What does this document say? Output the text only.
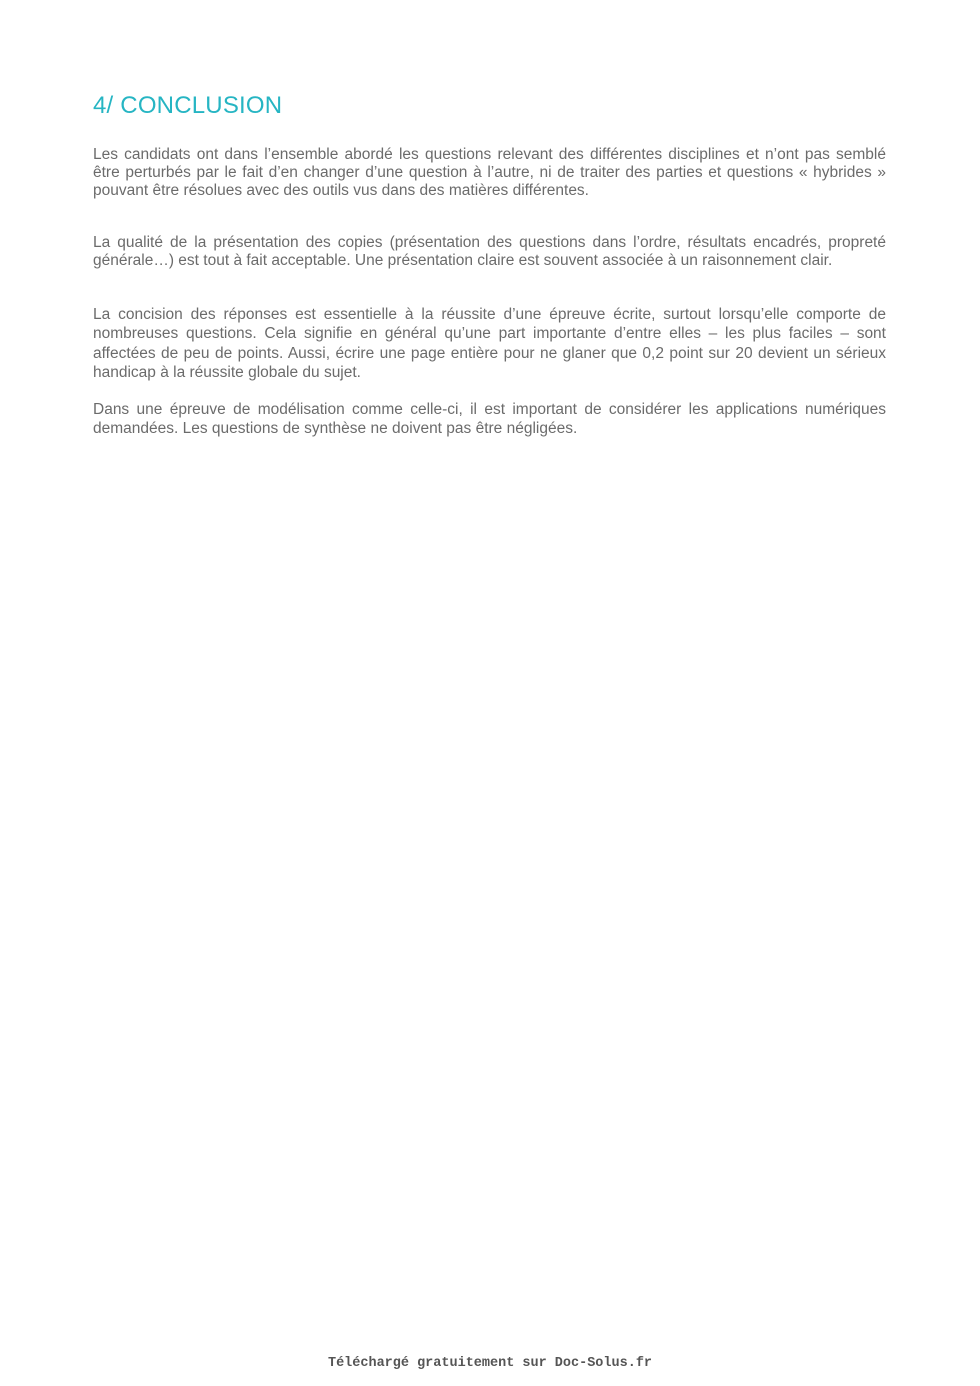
4/ CONCLUSION

Les candidats ont dans l’ensemble abordé les questions relevant des différentes disciplines et n’ont pas semblé être perturbés par le fait d’en changer d’une question à l’autre, ni de traiter des parties et questions « hybrides » pouvant être résolues avec des outils vus dans des matières différentes.

La qualité de la présentation des copies (présentation des questions dans l’ordre, résultats encadrés, propreté générale…) est tout à fait acceptable. Une présentation claire est souvent associée à un raisonnement clair.

La concision des réponses est essentielle à la réussite d’une épreuve écrite, surtout lorsqu’elle comporte de nombreuses questions. Cela signifie en général qu’une part importante d’entre elles – les plus faciles – sont affectées de peu de points. Aussi, écrire une page entière pour ne glaner que 0,2 point sur 20 devient un sérieux handicap à la réussite globale du sujet.

Dans une épreuve de modélisation comme celle-ci, il est important de considérer les applications numériques demandées. Les questions de synthèse ne doivent pas être négligées.

Téléchargé gratuitement sur Doc-Solus.fr
